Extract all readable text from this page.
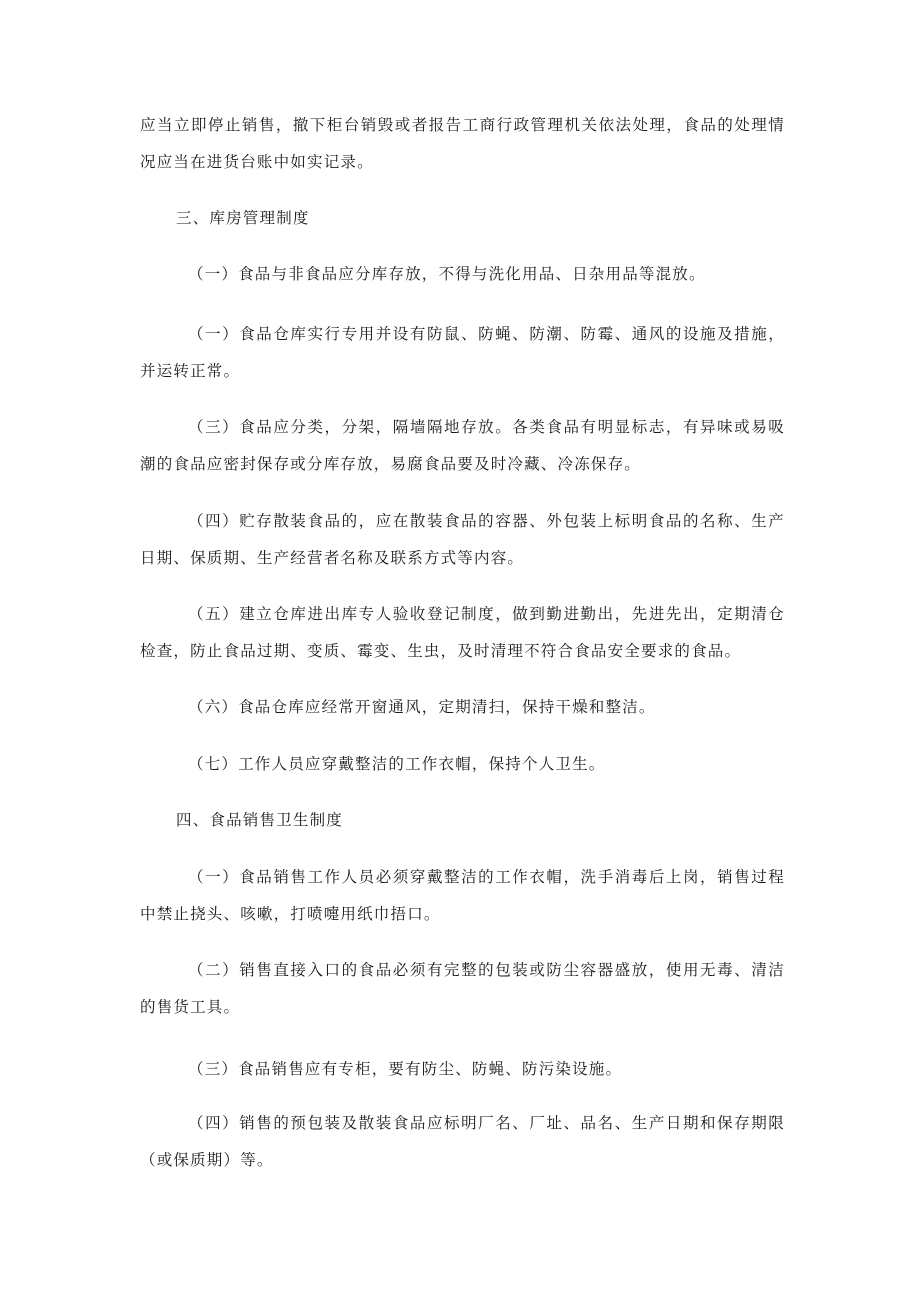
应当立即停止销售，撤下柜台销毁或者报告工商行政管理机关依法处理，食品的处理情况应当在进货台账中如实记录。

三、库房管理制度

（一）食品与非食品应分库存放，不得与洗化用品、日杂用品等混放。

（一）食品仓库实行专用并设有防鼠、防蝇、防潮、防霉、通风的设施及措施，并运转正常。

（三）食品应分类，分架，隔墙隔地存放。各类食品有明显标志，有异味或易吸潮的食品应密封保存或分库存放，易腐食品要及时冷藏、冷冻保存。

（四）贮存散装食品的，应在散装食品的容器、外包装上标明食品的名称、生产日期、保质期、生产经营者名称及联系方式等内容。

（五）建立仓库进出库专人验收登记制度，做到勤进勤出，先进先出，定期清仓检查，防止食品过期、变质、霉变、生虫，及时清理不符合食品安全要求的食品。

（六）食品仓库应经常开窗通风，定期清扫，保持干燥和整洁。

（七）工作人员应穿戴整洁的工作衣帽，保持个人卫生。

四、食品销售卫生制度

（一）食品销售工作人员必须穿戴整洁的工作衣帽，洗手消毒后上岗，销售过程中禁止挠头、咳嗽，打喷嚏用纸巾捂口。

（二）销售直接入口的食品必须有完整的包装或防尘容器盛放，使用无毒、清洁的售货工具。

（三）食品销售应有专柜，要有防尘、防蝇、防污染设施。

（四）销售的预包装及散装食品应标明厂名、厂址、品名、生产日期和保存期限（或保质期）等。
